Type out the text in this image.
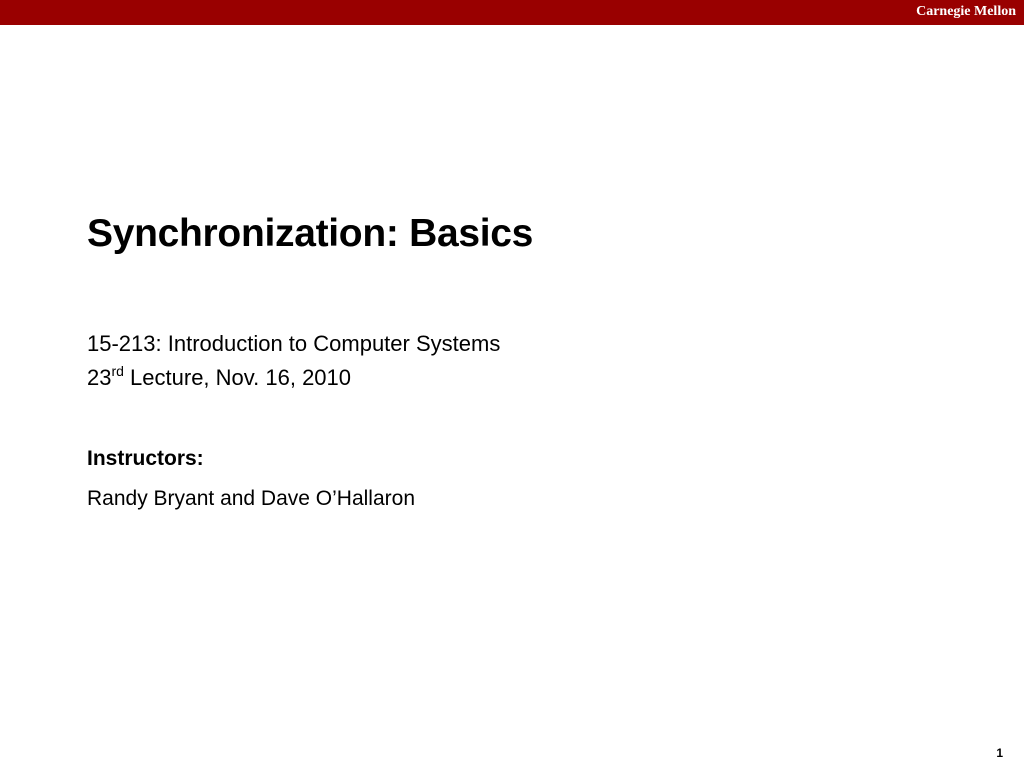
Carnegie Mellon
Synchronization: Basics
15-213: Introduction to Computer Systems
23rd Lecture, Nov. 16, 2010
Instructors:
Randy Bryant and Dave O’Hallaron
1
